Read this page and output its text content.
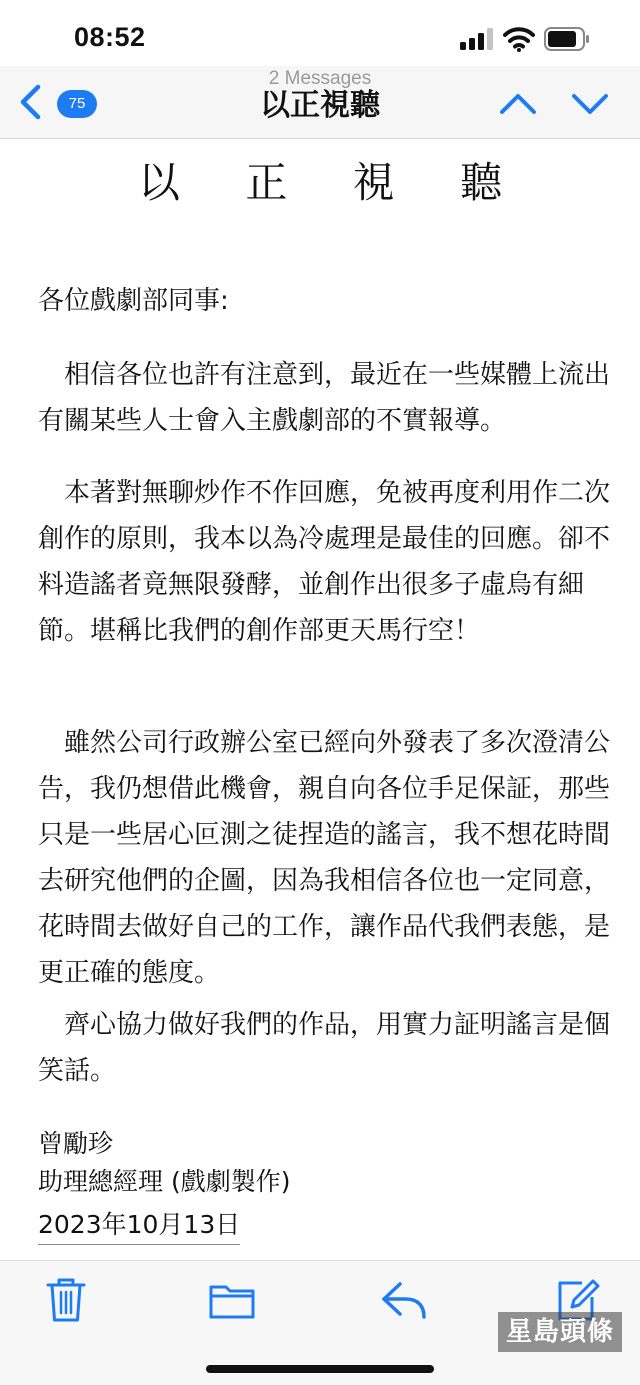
08:52
75
2 Messages
以正視聽
以 正 視 聽
各位戲劇部同事:

相信各位也許有注意到，最近在一些媒體上流出有關某些人士會入主戲劇部的不實報導。

本著對無聊炒作不作回應，免被再度利用作二次創作的原則，我本以為冷處理是最佳的回應。卻不料造謠者竟無限發酵，並創作出很多子虛烏有細節。堪稱比我們的創作部更天馬行空！

雖然公司行政辦公室已經向外發表了多次澄清公告，我仍想借此機會，親自向各位手足保証，那些只是一些居心叵測之徒捏造的謠言，我不想花時間去研究他們的企圖，因為我相信各位也一定同意，花時間去做好自己的工作，讓作品代我們表態，是更正確的態度。

齊心協力做好我們的作品，用實力証明謠言是個笑話。

曾勵珍
助理總經理 (戲劇製作)
2023年10月13日
星島頭條
